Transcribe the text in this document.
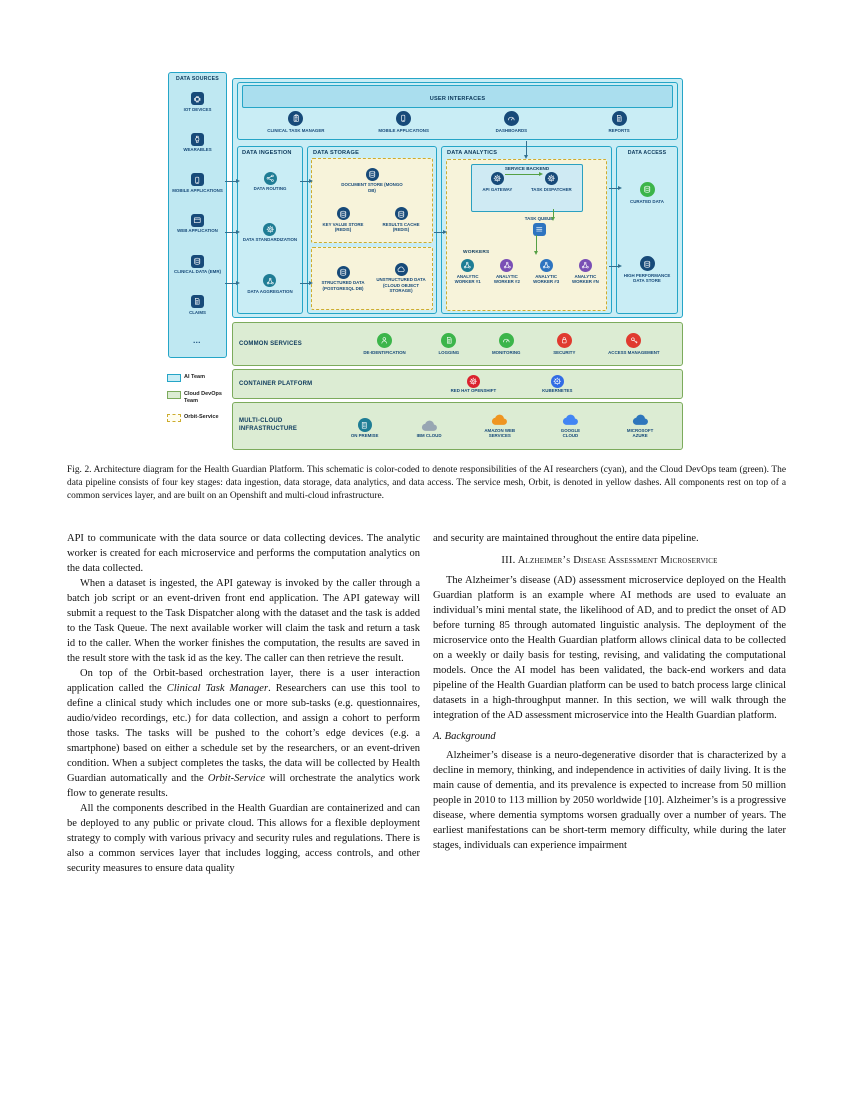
DATA SOURCES
IOT DEVICES
WEARABLES
MOBILE APPLICATIONS
WEB APPLICATION
CLINICAL DATA (EMR)
CLAIMS
…
USER INTERFACES
CLINICAL TASK MANAGER	MOBILE APPLICATIONS	DASHBOARDS	REPORTS
DATA INGESTION
DATA ROUTING
DATA STANDARDIZATION
DATA AGGREGATION
DATA STORAGE
DOCUMENT STORE (MONGO DB)
KEY VALUE STORE (REDIS)
RESULTS CACHE (REDIS)
STRUCTURED DATA (POSTGRESQL DB)
UNSTRUCTURED DATA (CLOUD OBJECT STORAGE)
DATA ANALYTICS
SERVICE BACKEND
API GATEWAY	TASK DISPATCHER
TASK QUEUE
WORKERS
ANALYTIC WORKER #1
ANALYTIC WORKER #2
ANALYTIC WORKER #3
ANALYTIC WORKER #N
DATA ACCESS
CURATED DATA
HIGH PERFORMANCE DATA STORE
COMMON SERVICES
DE-IDENTIFICATION	LOGGING	MONITORING	SECURITY	ACCESS MANAGEMENT
CONTAINER PLATFORM
RED HAT OPENSHIFT	KUBERNETES
MULTI-CLOUD INFRASTRUCTURE
ON PREMISE	IBM CLOUD
AMAZON WEB SERVICES
GOOGLE CLOUD
MICROSOFT AZURE
AI Team
Cloud DevOps Team
Orbit-Service
Fig. 2. Architecture diagram for the Health Guardian Platform. This schematic is color-coded to denote responsibilities of the AI researchers (cyan), and the Cloud DevOps team (green). The data pipeline consists of four key stages: data ingestion, data storage, data analytics, and data access. The service mesh, Orbit, is denoted in yellow dashes. All components rest on top of a common services layer, and are built on an Openshift and multi-cloud infrastructure.

API to communicate with the data source or data collecting devices. The analytic worker is created for each microservice and performs the computation analytics on the data collected.

When a dataset is ingested, the API gateway is invoked by the caller through a batch job script or an event-driven front end application. The API gateway will submit a request to the Task Dispatcher along with the dataset and the task is added to the Task Queue. The next available worker will claim the task and return a task id to the caller. When the worker finishes the computation, the results are saved in the result store with the task id as the key. The caller can then retrieve the result.

On top of the Orbit-based orchestration layer, there is a user interaction application called the Clinical Task Manager. Researchers can use this tool to define a clinical study which includes one or more sub-tasks (e.g. questionnaires, audio/video recordings, etc.) for data collection, and assign a cohort to perform those tasks. The tasks will be pushed to the cohort’s edge devices (e.g. a smartphone) based on either a schedule set by the researchers, or an event-driven condition. When a subject completes the tasks, the data will be collected by Health Guardian automatically and the Orbit-Service will orchestrate the analytics work flow to generate results.

All the components described in the Health Guardian are containerized and can be deployed to any public or private cloud. This allows for a flexible deployment strategy to comply with various privacy and security rules and regulations. There is also a common services layer that includes logging, access controls, and other security measures to ensure data quality

and security are maintained throughout the entire data pipeline.

III. Alzheimer’s Disease Assessment Microservice

The Alzheimer’s disease (AD) assessment microservice deployed on the Health Guardian platform is an example where AI methods are used to evaluate an individual’s mini mental state, the likelihood of AD, and to predict the onset of AD before turning 85 through automated linguistic analysis. The deployment of the microservice onto the Health Guardian platform allows clinical data to be collected on a weekly or daily basis for testing, revising, and validating the computational models. Once the AI model has been validated, the back-end workers and data pipeline of the Health Guardian platform can be used to batch process large clinical datasets in a high-throughput manner. In this section, we will walk through the integration of the AD assessment microservice into the Health Guardian platform.

A. Background

Alzheimer’s disease is a neuro-degenerative disorder that is characterized by a decline in memory, thinking, and independence in activities of daily living. It is the main cause of dementia, and its prevalence is expected to increase from 50 million people in 2010 to 113 million by 2050 worldwide [10]. Alzheimer’s is a progressive disease, where dementia symptoms worsen gradually over a number of years. The earliest manifestations can be short-term memory difficulty, while during the later stages, individuals can experience impairment
